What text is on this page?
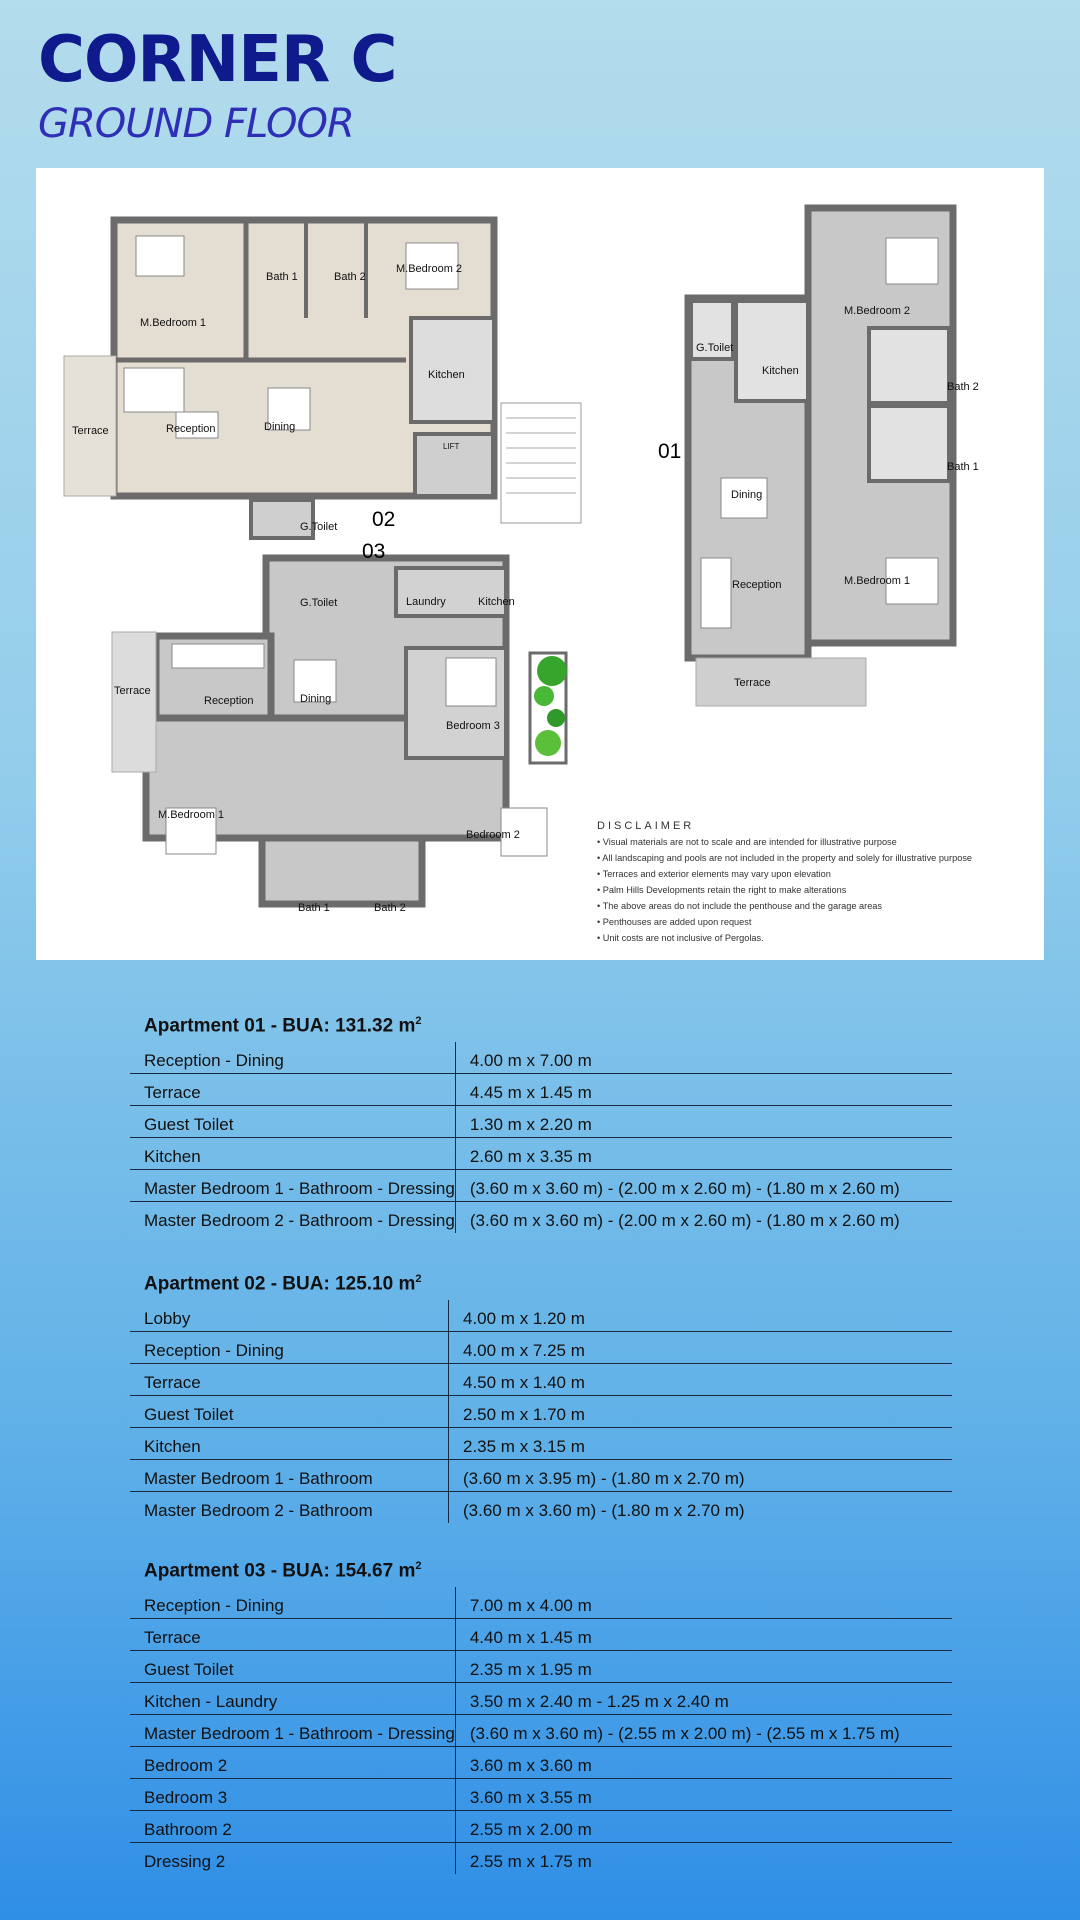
CORNER C
GROUND FLOOR
01
02
03
M.Bedroom 1
Bath 1	Bath 2
M.Bedroom 2
Kitchen
Terrace	Reception	Dining
LIFT
G.Toilet
M.Bedroom 2
G.Toilet
Kitchen
Bath 2
Bath 1
Dining
Reception	M.Bedroom 1
Terrace
G.Toilet	Laundry	Kitchen
Terrace
Reception	Dining
Bedroom 3
M.Bedroom 1
Bedroom 2
Bath 1	Bath 2
DISCLAIMER
• Visual materials are not to scale and are intended for illustrative purpose
• All landscaping and pools are not included in the property and solely for illustrative purpose
• Terraces and exterior elements may vary upon elevation
• Palm Hills Developments retain the right to make alterations
• The above areas do not include the penthouse and the garage areas
• Penthouses are added upon request
• Unit costs are not inclusive of Pergolas.
Apartment 01 - BUA: 131.32 $m^2$
Reception - Dining	4.00 m x 7.00 m
Terrace	4.45 m x 1.45 m
Guest Toilet	1.30 m x 2.20 m
Kitchen	2.60 m x 3.35 m
Master Bedroom 1 - Bathroom - Dressing	(3.60 m x 3.60 m) - (2.00 m x 2.60 m) - (1.80 m x 2.60 m)
Master Bedroom 2 - Bathroom - Dressing	(3.60 m x 3.60 m) - (2.00 m x 2.60 m) - (1.80 m x 2.60 m)
Apartment 02 - BUA: 125.10 $m^2$
Lobby	4.00 m x 1.20 m
Reception - Dining	4.00 m x 7.25 m
Terrace	4.50 m x 1.40 m
Guest Toilet	2.50 m x 1.70 m
Kitchen	2.35 m x 3.15 m
Master Bedroom 1 - Bathroom	(3.60 m x 3.95 m) - (1.80 m x 2.70 m)
Master Bedroom 2 - Bathroom	(3.60 m x 3.60 m) - (1.80 m x 2.70 m)
Apartment 03 - BUA: 154.67 $m^2$
Reception - Dining	7.00 m x 4.00 m
Terrace	4.40 m x 1.45 m
Guest Toilet	2.35 m x 1.95 m
Kitchen - Laundry	3.50 m x 2.40 m - 1.25 m x 2.40 m
Master Bedroom 1 - Bathroom - Dressing	(3.60 m x 3.60 m) - (2.55 m x 2.00 m) - (2.55 m x 1.75 m)
Bedroom 2	3.60 m x 3.60 m
Bedroom 3	3.60 m x 3.55 m
Bathroom 2	2.55 m x 2.00 m
Dressing 2	2.55 m x 1.75 m
